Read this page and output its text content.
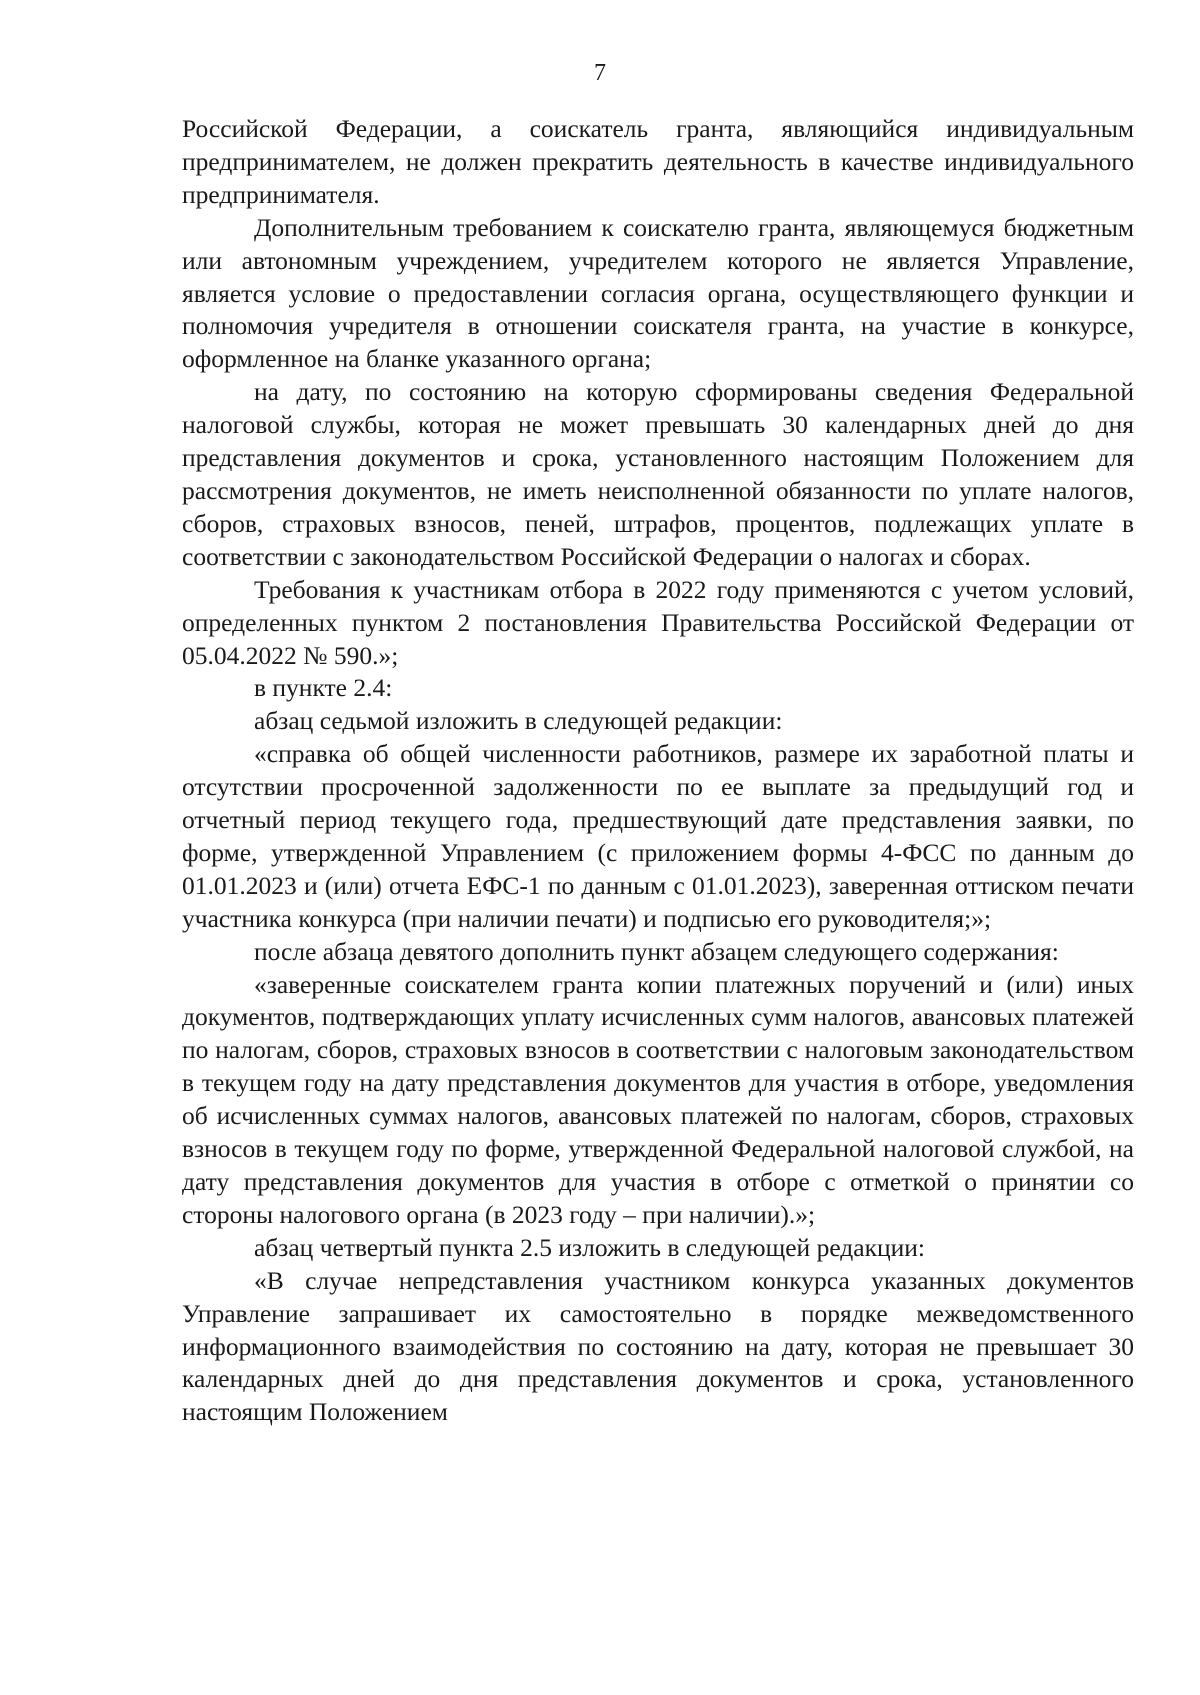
7

Российской Федерации, а соискатель гранта, являющийся индивидуальным предпринимателем, не должен прекратить деятельность в качестве индивидуального предпринимателя.

Дополнительным требованием к соискателю гранта, являющемуся бюджетным или автономным учреждением, учредителем которого не является Управление, является условие о предоставлении согласия органа, осуществляющего функции и полномочия учредителя в отношении соискателя гранта, на участие в конкурсе, оформленное на бланке указанного органа;

на дату, по состоянию на которую сформированы сведения Федеральной налоговой службы, которая не может превышать 30 календарных дней до дня представления документов и срока, установленного настоящим Положением для рассмотрения документов, не иметь неисполненной обязанности по уплате налогов, сборов, страховых взносов, пеней, штрафов, процентов, подлежащих уплате в соответствии с законодательством Российской Федерации о налогах и сборах.

Требования к участникам отбора в 2022 году применяются с учетом условий, определенных пунктом 2 постановления Правительства Российской Федерации от 05.04.2022 № 590.»;

в пункте 2.4:

абзац седьмой изложить в следующей редакции:

«справка об общей численности работников, размере их заработной платы и отсутствии просроченной задолженности по ее выплате за предыдущий год и отчетный период текущего года, предшествующий дате представления заявки, по форме, утвержденной Управлением (с приложением формы 4-ФСС по данным до 01.01.2023 и (или) отчета ЕФС-1 по данным с 01.01.2023), заверенная оттиском печати участника конкурса (при наличии печати) и подписью его руководителя;»;

после абзаца девятого дополнить пункт абзацем следующего содержания:

«заверенные соискателем гранта копии платежных поручений и (или) иных документов, подтверждающих уплату исчисленных сумм налогов, авансовых платежей по налогам, сборов, страховых взносов в соответствии с налоговым законодательством в текущем году на дату представления документов для участия в отборе, уведомления об исчисленных суммах налогов, авансовых платежей по налогам, сборов, страховых взносов в текущем году по форме, утвержденной Федеральной налоговой службой, на дату представления документов для участия в отборе с отметкой о принятии со стороны налогового органа (в 2023 году – при наличии).»;

абзац четвертый пункта 2.5 изложить в следующей редакции:

«В случае непредставления участником конкурса указанных документов Управление запрашивает их самостоятельно в порядке межведомственного информационного взаимодействия по состоянию на дату, которая не превышает 30 календарных дней до дня представления документов и срока, установленного настоящим Положением
